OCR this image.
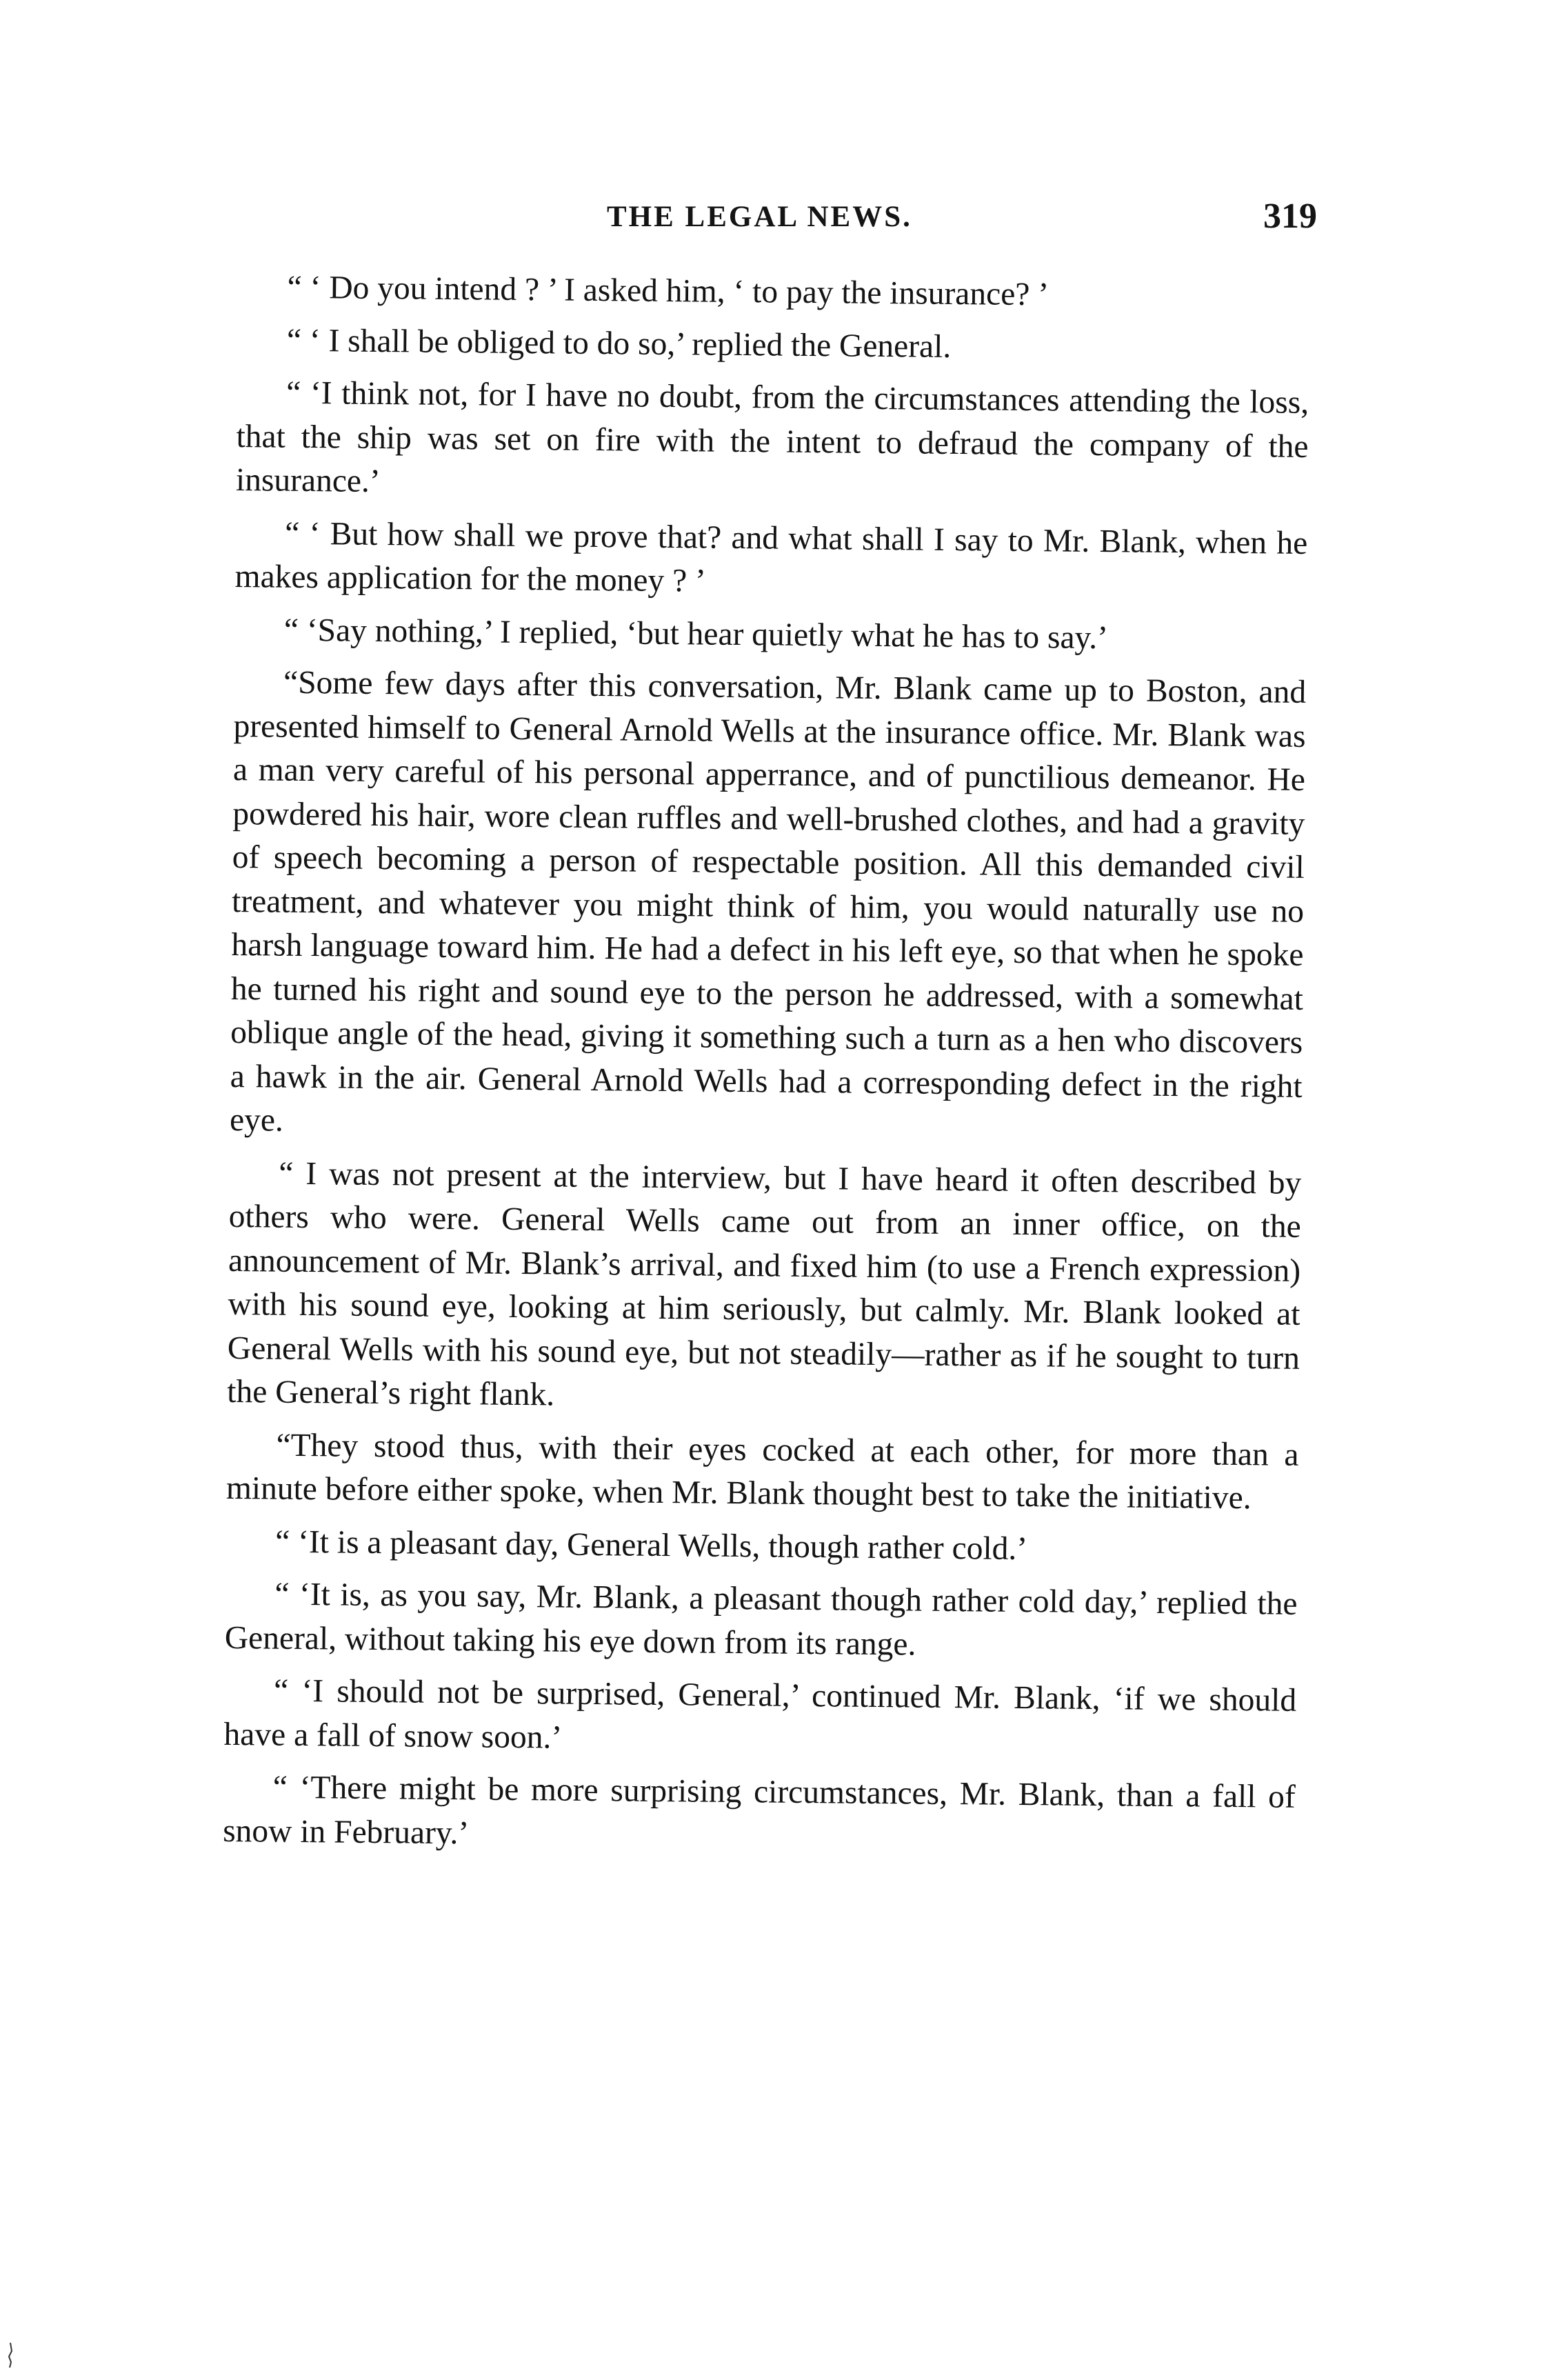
THE LEGAL NEWS.	319

“ ‘ Do you intend ? ’ I asked him, ‘ to pay the insurance? ’

“ ‘ I shall be obliged to do so,’ replied the General.

“ ‘I think not, for I have no doubt, from the circumstances attending the loss, that the ship was set on fire with the intent to defraud the company of the insurance.’

“ ‘ But how shall we prove that? and what shall I say to Mr. Blank, when he makes application for the money ? ’

“ ‘Say nothing,’ I replied, ‘but hear quietly what he has to say.’

“Some few days after this conversation, Mr. Blank came up to Boston, and presented himself to General Arnold Wells at the insurance office. Mr. Blank was a man very careful of his personal apperrance, and of punctilious demeanor. He powdered his hair, wore clean ruffles and well-brushed clothes, and had a gravity of speech becoming a person of respectable position. All this demanded civil treatment, and whatever you might think of him, you would naturally use no harsh language toward him. He had a defect in his left eye, so that when he spoke he turned his right and sound eye to the person he addressed, with a somewhat oblique angle of the head, giving it something such a turn as a hen who discovers a hawk in the air. General Arnold Wells had a corresponding defect in the right eye.

“ I was not present at the interview, but I have heard it often described by others who were. General Wells came out from an inner office, on the announcement of Mr. Blank’s arrival, and fixed him (to use a French expression) with his sound eye, looking at him seriously, but calmly. Mr. Blank looked at General Wells with his sound eye, but not steadily—rather as if he sought to turn the General’s right flank.

“They stood thus, with their eyes cocked at each other, for more than a minute before either spoke, when Mr. Blank thought best to take the initiative.

“ ‘It is a pleasant day, General Wells, though rather cold.’

“ ‘It is, as you say, Mr. Blank, a pleasant though rather cold day,’ replied the General, without taking his eye down from its range.

“ ‘I should not be surprised, General,’ continued Mr. Blank, ‘if we should have a fall of snow soon.’

“ ‘There might be more surprising circumstances, Mr. Blank, than a fall of snow in February.’
